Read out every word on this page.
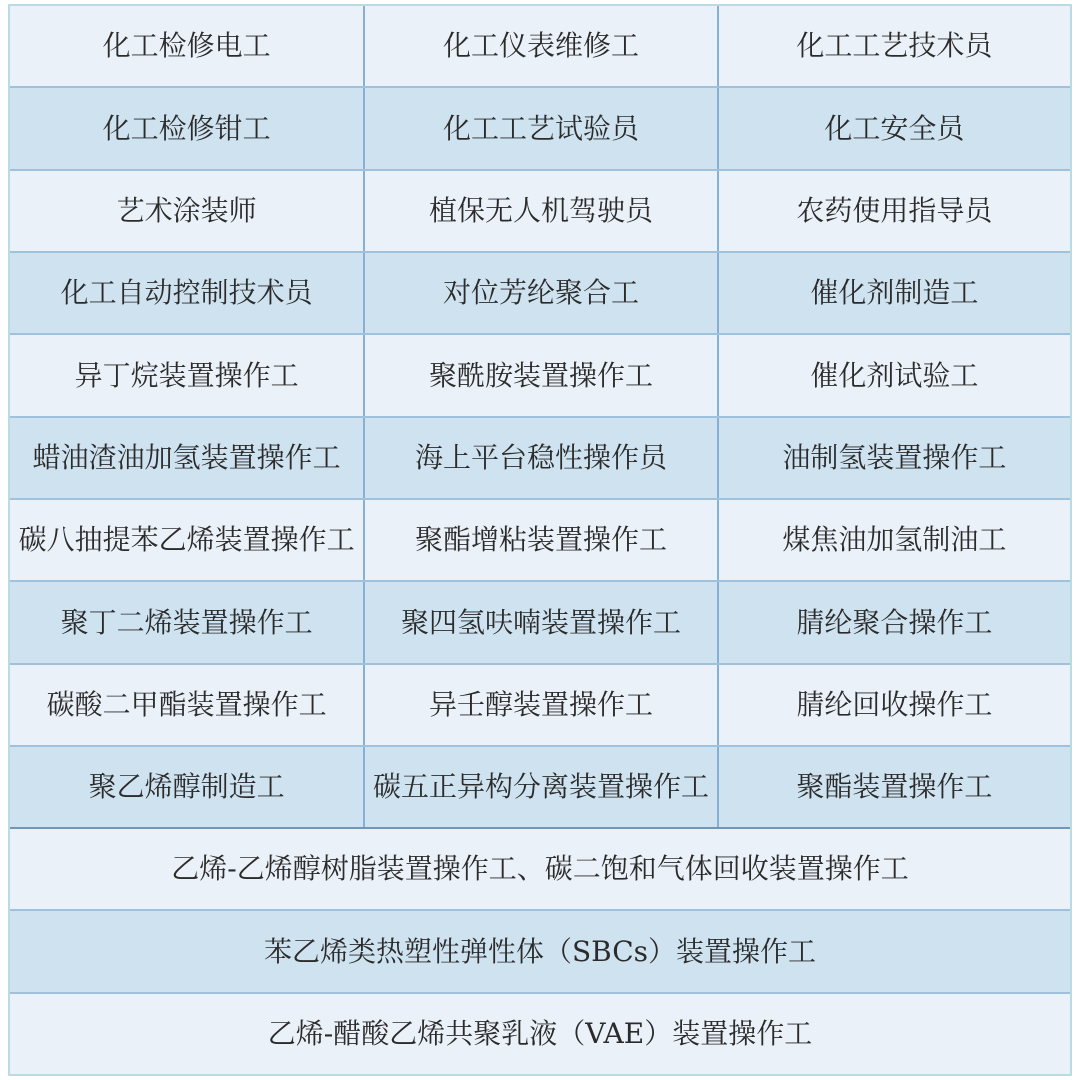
化工检修电工	化工仪表维修工	化工工艺技术员
化工检修钳工	化工工艺试验员	化工安全员
艺术涂装师	植保无人机驾驶员	农药使用指导员
化工自动控制技术员	对位芳纶聚合工	催化剂制造工
异丁烷装置操作工	聚酰胺装置操作工	催化剂试验工
蜡油渣油加氢装置操作工	海上平台稳性操作员	油制氢装置操作工
碳八抽提苯乙烯装置操作工	聚酯增粘装置操作工	煤焦油加氢制油工
聚丁二烯装置操作工	聚四氢呋喃装置操作工	腈纶聚合操作工
碳酸二甲酯装置操作工	异壬醇装置操作工	腈纶回收操作工
聚乙烯醇制造工	碳五正异构分离装置操作工	聚酯装置操作工
乙烯-乙烯醇树脂装置操作工、碳二饱和气体回收装置操作工
苯乙烯类热塑性弹性体（SBCs）装置操作工
乙烯-醋酸乙烯共聚乳液（VAE）装置操作工
